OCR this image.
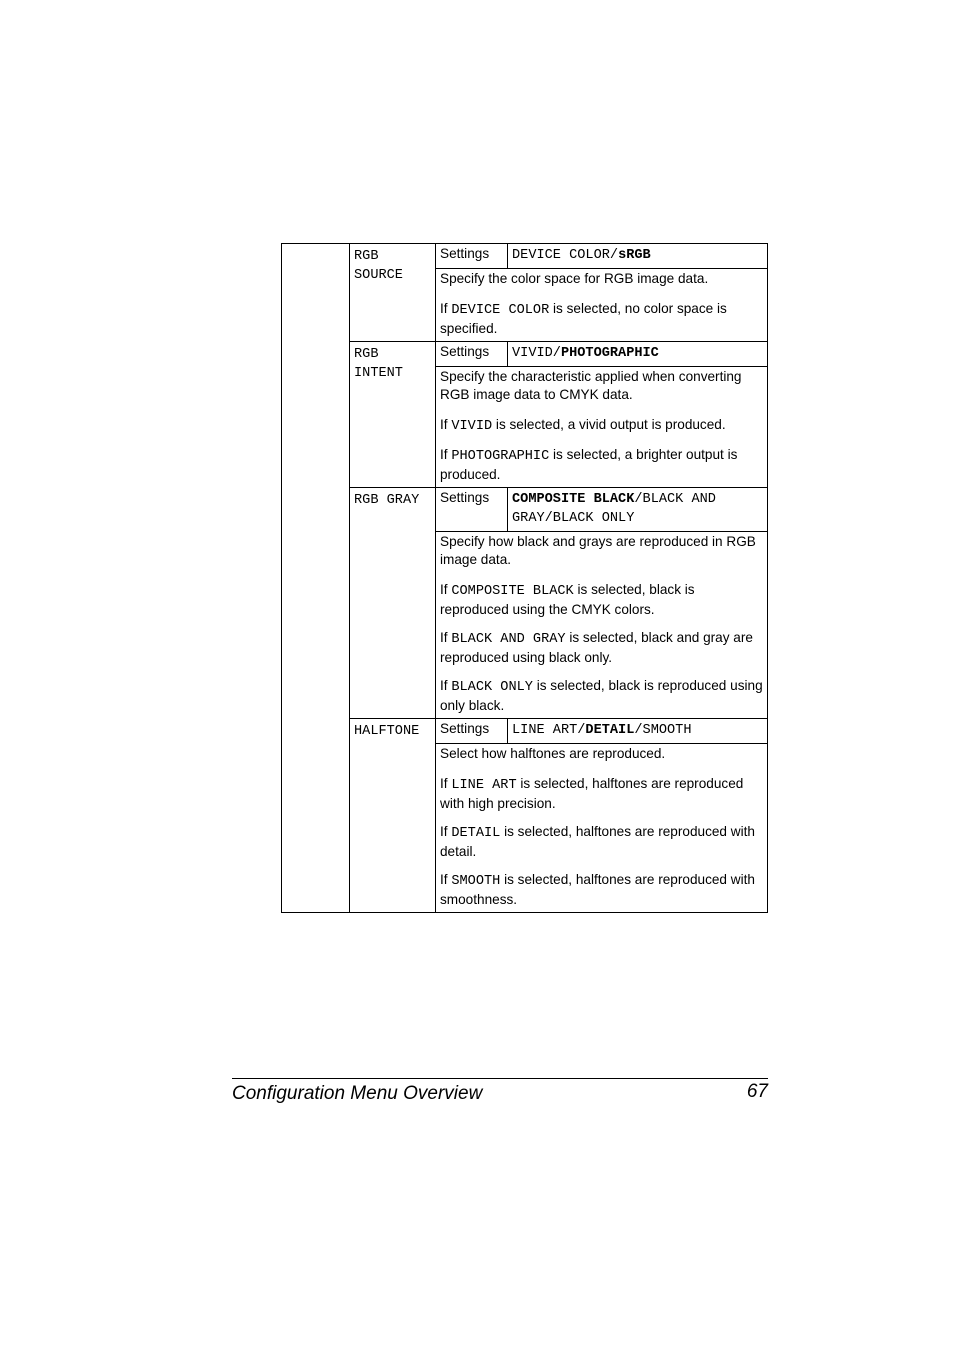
	RGB SOURCE	Settings	DEVICE COLOR/sRGB

		Specify the color space for RGB image data.

If DEVICE COLOR is selected, no color space is specified.	

	RGB INTENT	Settings	VIVID/PHOTOGRAPHIC

		Specify the characteristic applied when converting RGB image data to CMYK data.

If VIVID is selected, a vivid output is produced.

If PHOTOGRAPHIC is selected, a brighter output is produced.	

	RGB GRAY	Settings	COMPOSITE BLACK/BLACK AND GRAY/BLACK ONLY

		Specify how black and grays are reproduced in RGB image data.

If COMPOSITE BLACK is selected, black is reproduced using the CMYK colors.

If BLACK AND GRAY is selected, black and gray are reproduced using black only.

If BLACK ONLY is selected, black is reproduced using only black.	

	HALFTONE	Settings	LINE ART/DETAIL/SMOOTH

		Select how halftones are reproduced.

If LINE ART is selected, halftones are reproduced with high precision.

If DETAIL is selected, halftones are reproduced with detail.

If SMOOTH is selected, halftones are reproduced with smoothness.	

Configuration Menu Overview	67
